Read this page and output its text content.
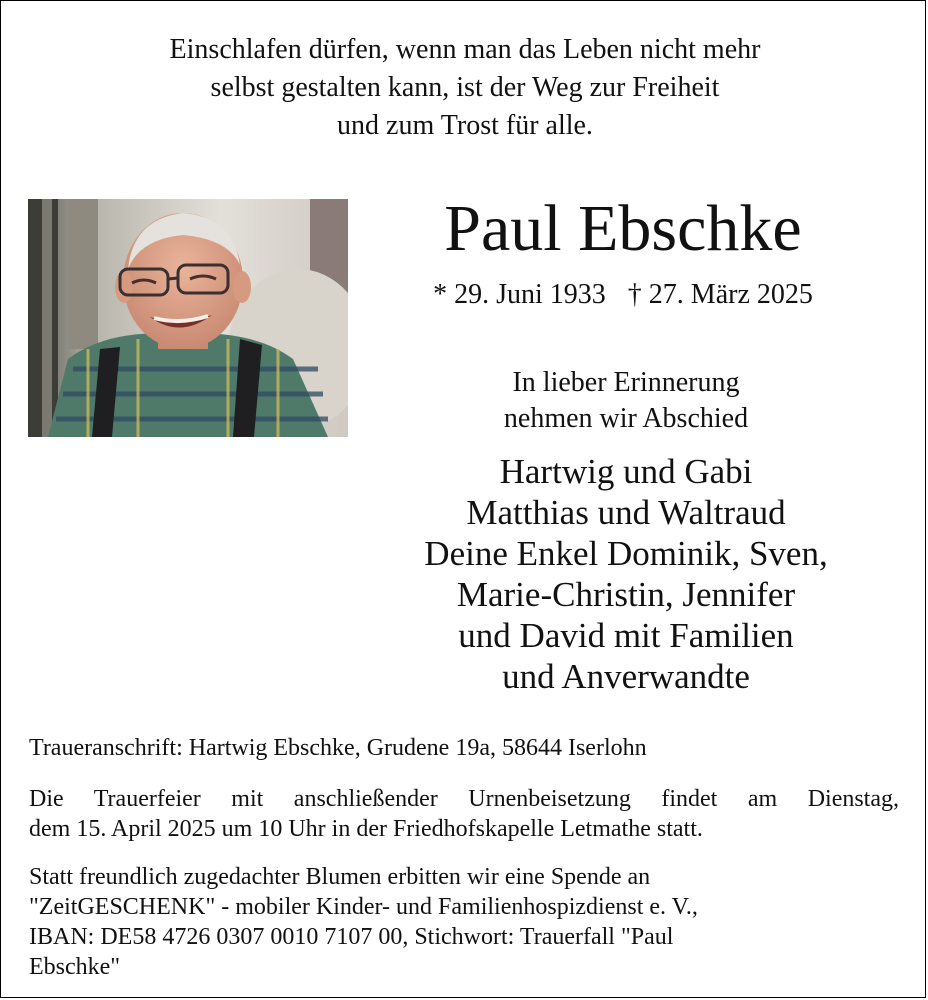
Einschlafen dürfen, wenn man das Leben nicht mehr
selbst gestalten kann, ist der Weg zur Freiheit
und zum Trost für alle.
Paul Ebschke
* 29. Juni 1933 † 27. März 2025
In lieber Erinnerung
nehmen wir Abschied
Hartwig und Gabi
Matthias und Waltraud
Deine Enkel Dominik, Sven,
Marie-Christin, Jennifer
und David mit Familien
und Anverwandte
Traueranschrift: Hartwig Ebschke, Grudene 19a, 58644 Iserlohn
Die Trauerfeier mit anschließender Urnenbeisetzung findet am Dienstag,
dem 15. April 2025 um 10 Uhr in der Friedhofskapelle Letmathe statt.
Statt freundlich zugedachter Blumen erbitten wir eine Spende an
"ZeitGESCHENK" - mobiler Kinder- und Familienhospizdienst e. V.,
IBAN: DE58 4726 0307 0010 7107 00, Stichwort: Trauerfall "Paul
Ebschke"
